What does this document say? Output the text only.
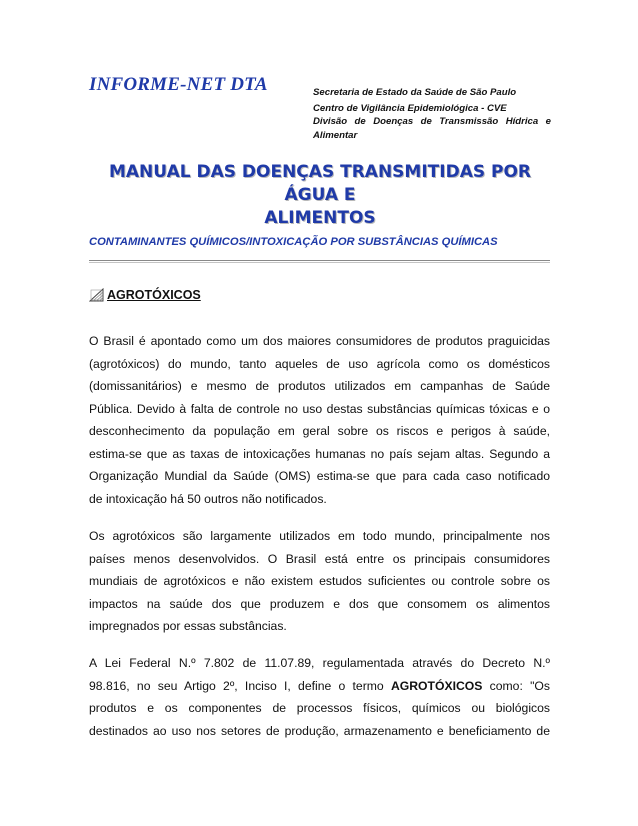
INFORME-NET DTA	Secretaria de Estado da Saúde de São Paulo
Centro de Vigilância Epidemiológica - CVE
Divisão de Doenças de Transmissão Hídrica e
Alimentar
MANUAL DAS DOENÇAS TRANSMITIDAS POR ÁGUA E
ALIMENTOS
CONTAMINANTES QUÍMICOS/INTOXICAÇÃO POR SUBSTÂNCIAS QUÍMICAS
AGROTÓXICOS
O Brasil é apontado como um dos maiores consumidores de produtos praguicidas
(agrotóxicos) do mundo, tanto aqueles de uso agrícola como os domésticos
(domissanitários) e mesmo de produtos utilizados em campanhas de Saúde
Pública. Devido à falta de controle no uso destas substâncias químicas tóxicas e o
desconhecimento da população em geral sobre os riscos e perigos à saúde,
estima-se que as taxas de intoxicações humanas no país sejam altas. Segundo a
Organização Mundial da Saúde (OMS) estima-se que para cada caso notificado
de intoxicação há 50 outros não notificados.
Os agrotóxicos são largamente utilizados em todo mundo, principalmente nos
países menos desenvolvidos. O Brasil está entre os principais consumidores
mundiais de agrotóxicos e não existem estudos suficientes ou controle sobre os
impactos na saúde dos que produzem e dos que consomem os alimentos
impregnados por essas substâncias.
A Lei Federal N.º 7.802 de 11.07.89, regulamentada através do Decreto N.º
98.816, no seu Artigo 2º, Inciso I, define o termo AGROTÓXICOS como: "Os
produtos e os componentes de processos físicos, químicos ou biológicos
destinados ao uso nos setores de produção, armazenamento e beneficiamento de
